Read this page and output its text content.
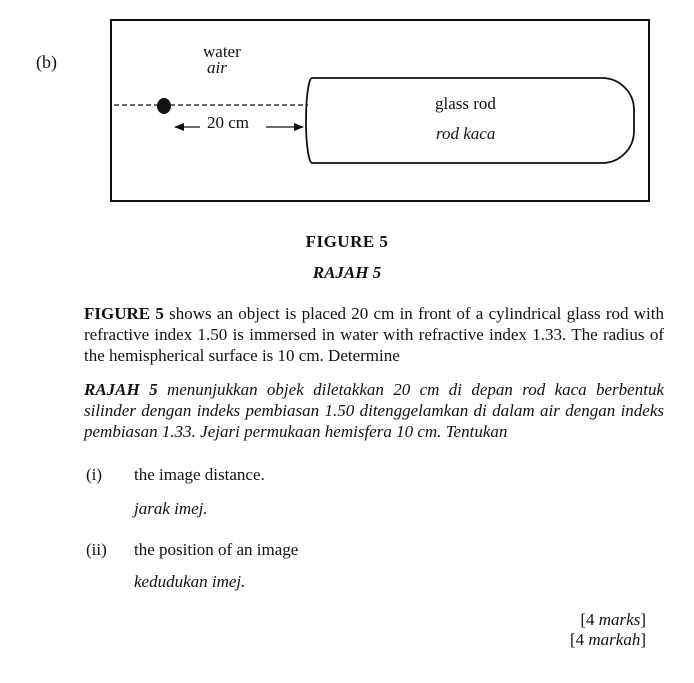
(b)
water
air
glass rod
rod kaca
20 cm
FIGURE 5
RAJAH 5
FIGURE 5 shows an object is placed 20 cm in front of a cylindrical glass rod with refractive index 1.50 is immersed in water with refractive index 1.33. The radius of the hemispherical surface is 10 cm. Determine
RAJAH 5 menunjukkan objek diletakkan 20 cm di depan rod kaca berbentuk silinder dengan indeks pembiasan 1.50 ditenggelamkan di dalam air dengan indeks pembiasan 1.33. Jejari permukaan hemisfera 10 cm. Tentukan
(i) the image distance.
jarak imej.
(ii) the position of an image
kedudukan imej.
[4 marks]
[4 markah]
